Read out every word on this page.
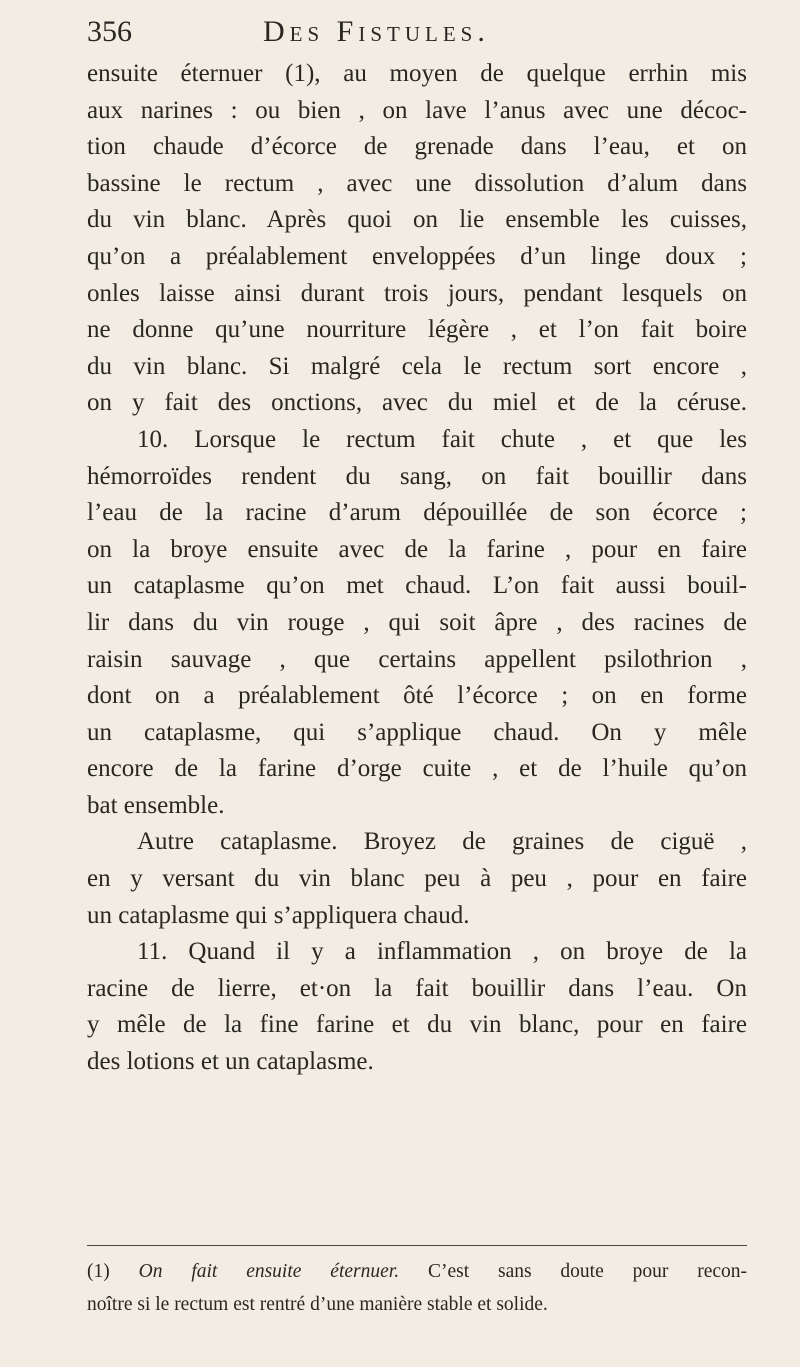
356	Des Fistules.
ensuite éternuer (1), au moyen de quelque errhin mis
aux narines : ou bien , on lave l’anus avec une décoc-
tion chaude d’écorce de grenade dans l’eau, et on
bassine le rectum , avec une dissolution d’alum dans
du vin blanc. Après quoi on lie ensemble les cuisses,
qu’on a préalablement enveloppées d’un linge doux ;
onles laisse ainsi durant trois jours, pendant lesquels on
ne donne qu’une nourriture légère , et l’on fait boire
du vin blanc. Si malgré cela le rectum sort encore ,
on y fait des onctions, avec du miel et de la céruse.
10. Lorsque le rectum fait chute , et que les
hémorroïdes rendent du sang, on fait bouillir dans
l’eau de la racine d’arum dépouillée de son écorce ;
on la broye ensuite avec de la farine , pour en faire
un cataplasme qu’on met chaud. L’on fait aussi bouil-
lir dans du vin rouge , qui soit âpre , des racines de
raisin sauvage , que certains appellent psilothrion ,
dont on a préalablement ôté l’écorce ; on en forme
un cataplasme, qui s’applique chaud. On y mêle
encore de la farine d’orge cuite , et de l’huile qu’on
bat ensemble.
Autre cataplasme. Broyez de graines de ciguë ,
en y versant du vin blanc peu à peu , pour en faire
un cataplasme qui s’appliquera chaud.
11. Quand il y a inflammation , on broye de la
racine de lierre, et·on la fait bouillir dans l’eau. On
y mêle de la fine farine et du vin blanc, pour en faire
des lotions et un cataplasme.
(1) On fait ensuite éternuer. C’est sans doute pour recon-
noître si le rectum est rentré d’une manière stable et solide.
